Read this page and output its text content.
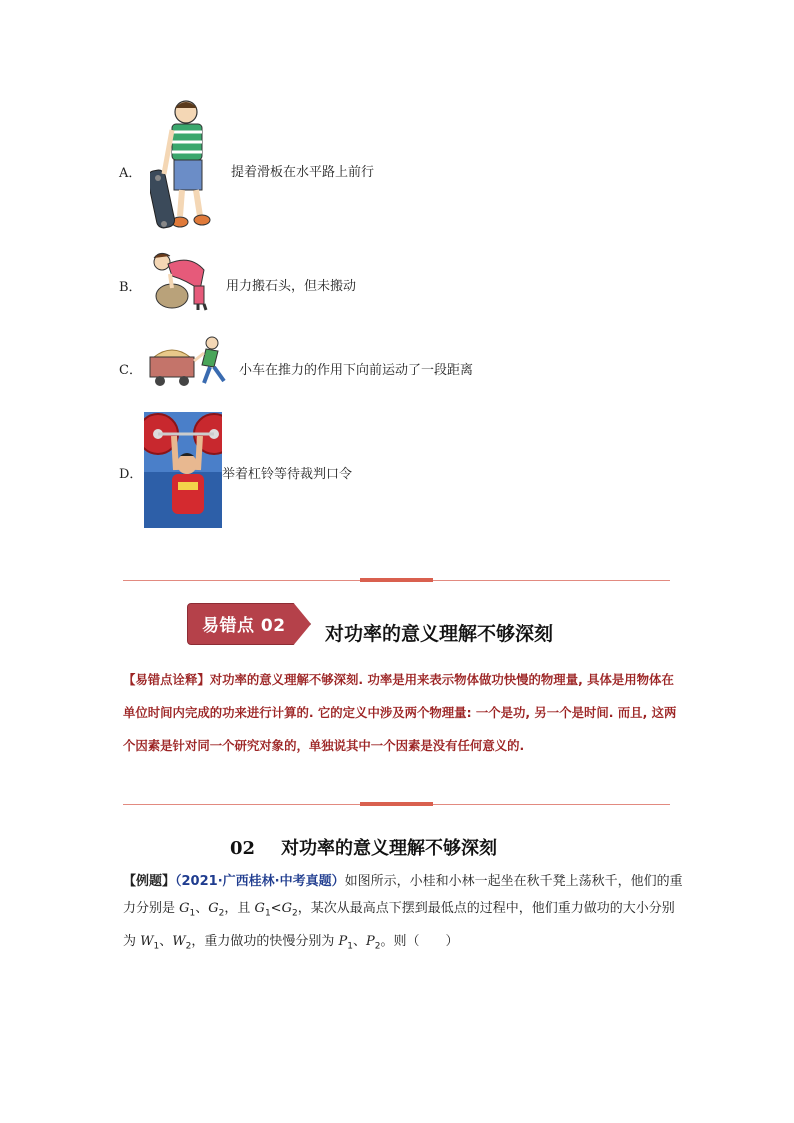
A．	提着滑板在水平路上前行
B．	用力搬石头，但未搬动
C．	小车在推力的作用下向前运动了一段距离
D．	举着杠铃等待裁判口令
易错点 02 对功率的意义理解不够深刻
【易错点诠释】对功率的意义理解不够深刻. 功率是用来表示物体做功快慢的物理量, 具体是用物体在单位时间内完成的功来进行计算的. 它的定义中涉及两个物理量: 一个是功, 另一个是时间. 而且, 这两个因素是针对同一个研究对象的，单独说其中一个因素是没有任何意义的.
02 对功率的意义理解不够深刻
【例题】（2021·广西桂林·中考真题）如图所示，小桂和小林一起坐在秋千凳上荡秋千，他们的重力分别是 $G_1$、$G_2$，且 $G_1<G_2$，某次从最高点下摆到最低点的过程中，他们重力做功的大小分别为 $W_1$、$W_2$，重力做功的快慢分别为 $P_1$、$P_2$。则（　　）
